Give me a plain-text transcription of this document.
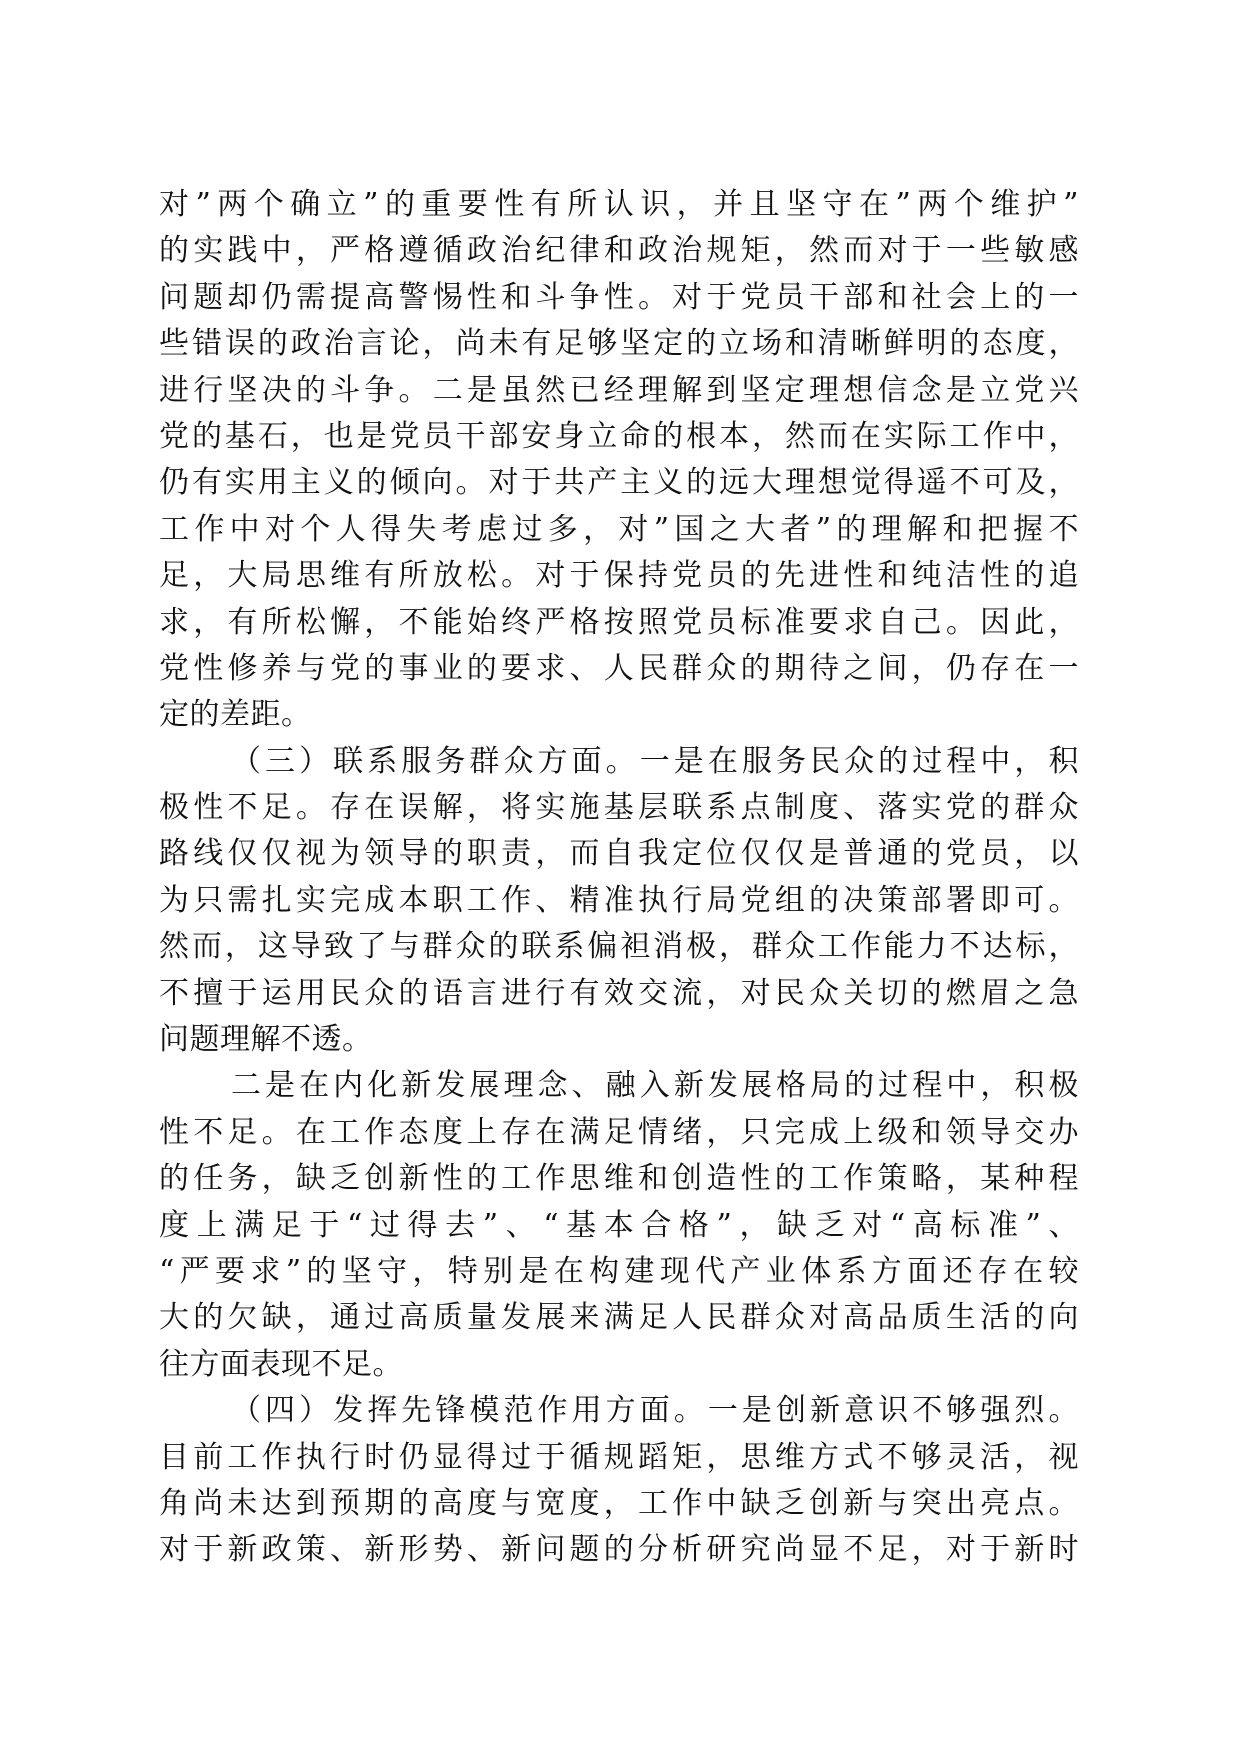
对”两个确立”的重要性有所认识，并且坚守在”两个维护”
的实践中，严格遵循政治纪律和政治规矩，然而对于一些敏感
问题却仍需提高警惕性和斗争性。对于党员干部和社会上的一
些错误的政治言论，尚未有足够坚定的立场和清晰鲜明的态度，
进行坚决的斗争。二是虽然已经理解到坚定理想信念是立党兴
党的基石，也是党员干部安身立命的根本，然而在实际工作中，
仍有实用主义的倾向。对于共产主义的远大理想觉得遥不可及，
工作中对个人得失考虑过多，对”国之大者”的理解和把握不
足，大局思维有所放松。对于保持党员的先进性和纯洁性的追
求，有所松懈，不能始终严格按照党员标准要求自己。因此，
党性修养与党的事业的要求、人民群众的期待之间，仍存在一
定的差距。
（三）联系服务群众方面。一是在服务民众的过程中，积
极性不足。存在误解，将实施基层联系点制度、落实党的群众
路线仅仅视为领导的职责，而自我定位仅仅是普通的党员，以
为只需扎实完成本职工作、精准执行局党组的决策部署即可。
然而，这导致了与群众的联系偏袒消极，群众工作能力不达标，
不擅于运用民众的语言进行有效交流，对民众关切的燃眉之急
问题理解不透。
二是在内化新发展理念、融入新发展格局的过程中，积极
性不足。在工作态度上存在满足情绪，只完成上级和领导交办
的任务，缺乏创新性的工作思维和创造性的工作策略，某种程
度上满足于“过得去”、“基本合格”，缺乏对“高标准”、
“严要求”的坚守，特别是在构建现代产业体系方面还存在较
大的欠缺，通过高质量发展来满足人民群众对高品质生活的向
往方面表现不足。
（四）发挥先锋模范作用方面。一是创新意识不够强烈。
目前工作执行时仍显得过于循规蹈矩，思维方式不够灵活，视
角尚未达到预期的高度与宽度，工作中缺乏创新与突出亮点。
对于新政策、新形势、新问题的分析研究尚显不足，对于新时
